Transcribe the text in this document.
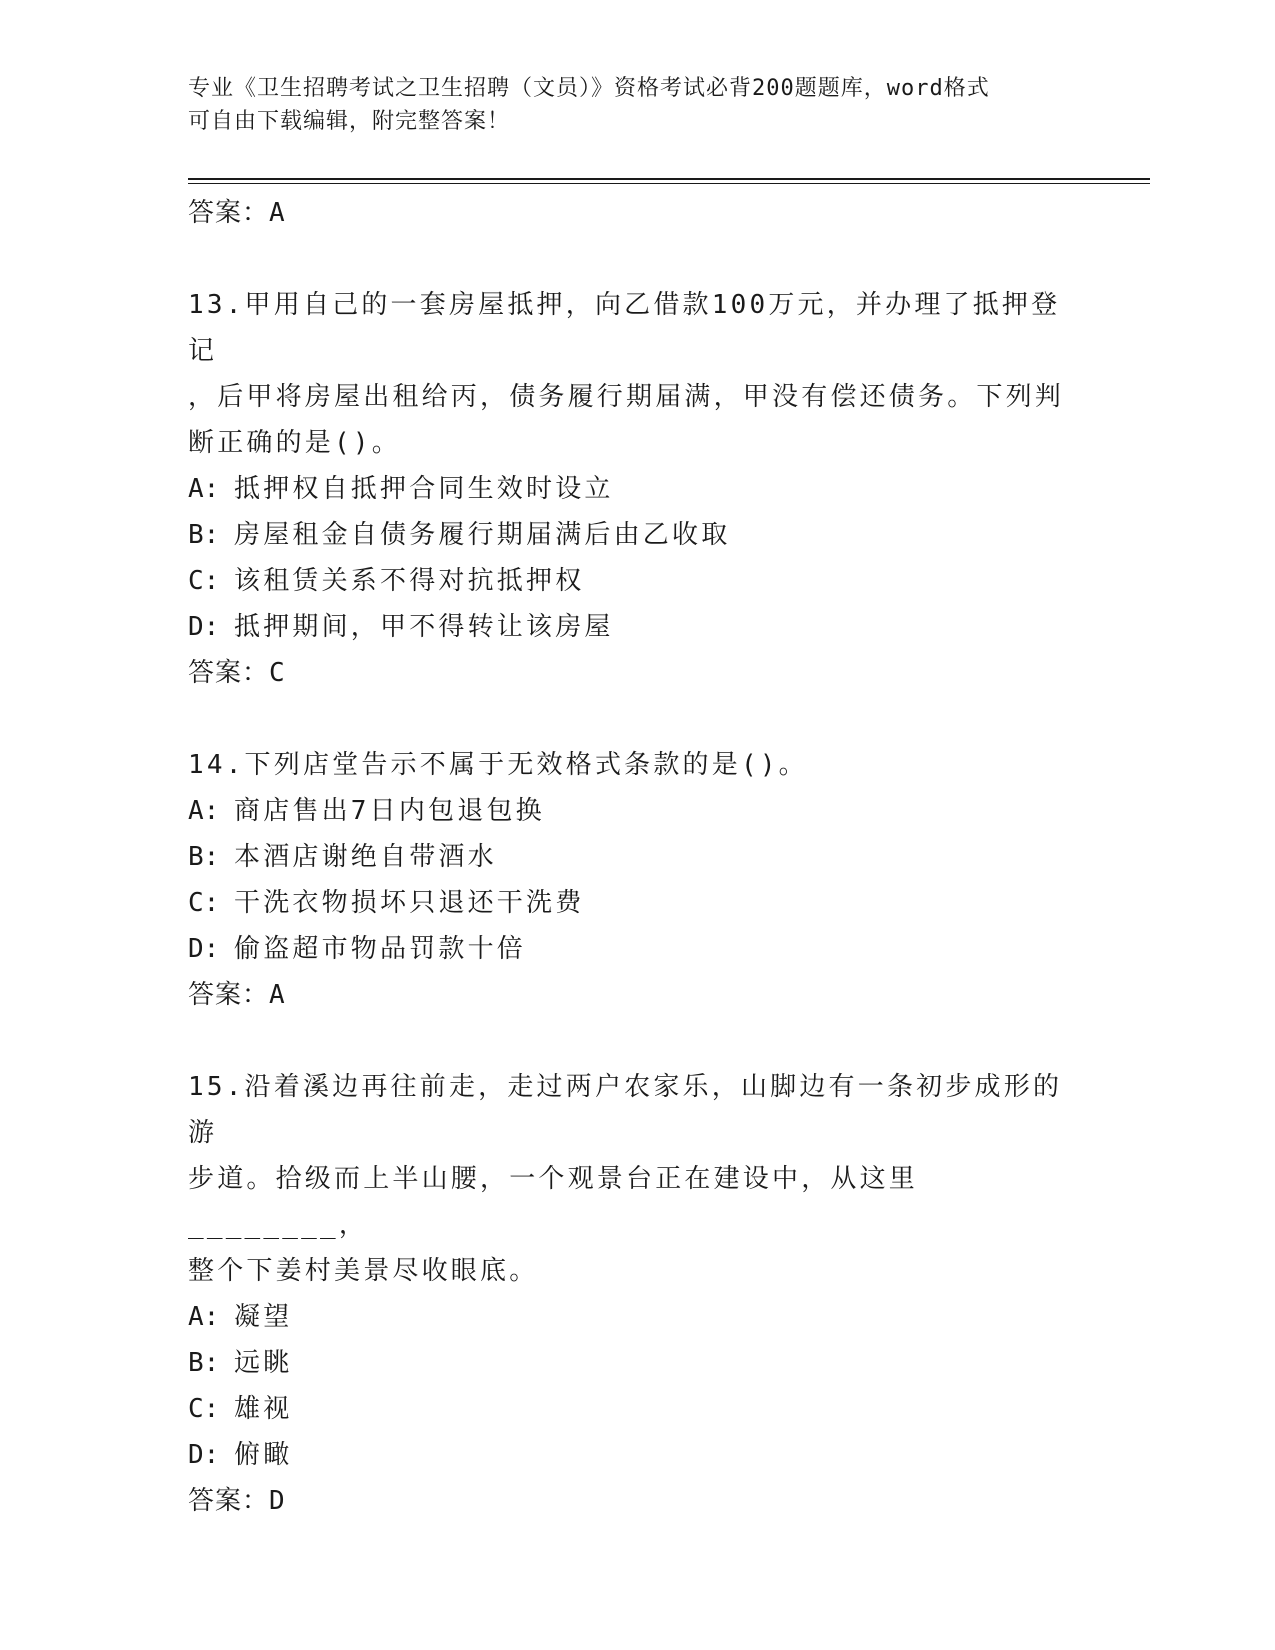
专业《卫生招聘考试之卫生招聘（文员）》资格考试必背200题题库，word格式
可自由下载编辑，附完整答案！

答案：A

13.甲用自己的一套房屋抵押，向乙借款100万元，并办理了抵押登记

，后甲将房屋出租给丙，债务履行期届满，甲没有偿还债务。下列判

断正确的是()。

A: 抵押权自抵押合同生效时设立

B: 房屋租金自债务履行期届满后由乙收取

C: 该租赁关系不得对抗抵押权

D: 抵押期间，甲不得转让该房屋

答案：C

14.下列店堂告示不属于无效格式条款的是()。

A: 商店售出7日内包退包换

B: 本酒店谢绝自带酒水

C: 干洗衣物损坏只退还干洗费

D: 偷盗超市物品罚款十倍

答案：A

15.沿着溪边再往前走，走过两户农家乐，山脚边有一条初步成形的游

步道。拾级而上半山腰，一个观景台正在建设中，从这里________，

整个下姜村美景尽收眼底。

A: 凝望

B: 远眺

C: 雄视

D: 俯瞰

答案：D
